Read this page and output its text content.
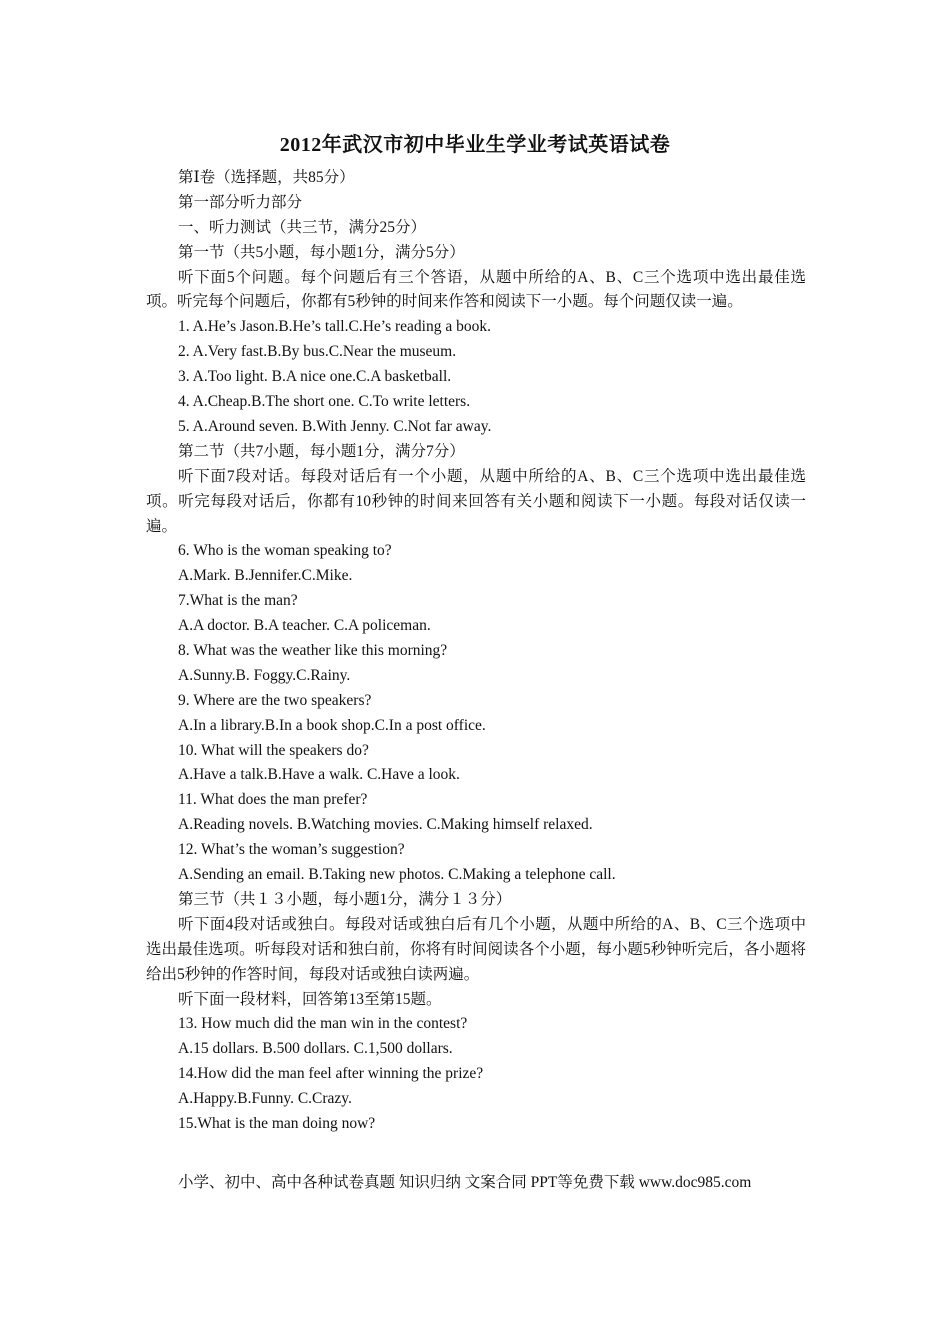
2012年武汉市初中毕业生学业考试英语试卷
第Ⅰ卷（选择题，共85分）
第一部分听力部分
一、听力测试（共三节，满分25分）
第一节（共5小题，每小题1分，满分5分）
听下面5个问题。每个问题后有三个答语，从题中所给的A、B、C三个选项中选出最佳选项。听完每个问题后，你都有5秒钟的时间来作答和阅读下一小题。每个问题仅读一遍。
1. A.He’s Jason.B.He’s tall.C.He’s reading a book.
2. A.Very fast.B.By bus.C.Near the museum.
3. A.Too light. B.A nice one.C.A basketball.
4. A.Cheap.B.The short one. C.To write letters.
5. A.Around seven. B.With Jenny. C.Not far away.
第二节（共7小题，每小题1分，满分7分）
听下面7段对话。每段对话后有一个小题，从题中所给的A、B、C三个选项中选出最佳选项。听完每段对话后，你都有10秒钟的时间来回答有关小题和阅读下一小题。每段对话仅读一遍。
6. Who is the woman speaking to?
A.Mark. B.Jennifer.C.Mike.
7.What is the man?
A.A doctor. B.A teacher. C.A policeman.
8. What was the weather like this morning?
A.Sunny.B. Foggy.C.Rainy.
9. Where are the two speakers?
A.In a library.B.In a book shop.C.In a post office.
10. What will the speakers do?
A.Have a talk.B.Have a walk. C.Have a look.
11. What does the man prefer?
A.Reading novels. B.Watching movies. C.Making himself relaxed.
12. What’s the woman’s suggestion?
A.Sending an email. B.Taking new photos. C.Making a telephone call.
第三节（共１３小题，每小题1分，满分１３分）
听下面4段对话或独白。每段对话或独白后有几个小题，从题中所给的A、B、C三个选项中选出最佳选项。听每段对话和独白前，你将有时间阅读各个小题，每小题5秒钟听完后，各小题将给出5秒钟的作答时间，每段对话或独白读两遍。
听下面一段材料，回答第13至第15题。
13. How much did the man win in the contest?
A.15 dollars. B.500 dollars. C.1,500 dollars.
14.How did the man feel after winning the prize?
A.Happy.B.Funny. C.Crazy.
15.What is the man doing now?
小学、初中、高中各种试卷真题 知识归纳 文案合同 PPT等免费下载 www.doc985.com
